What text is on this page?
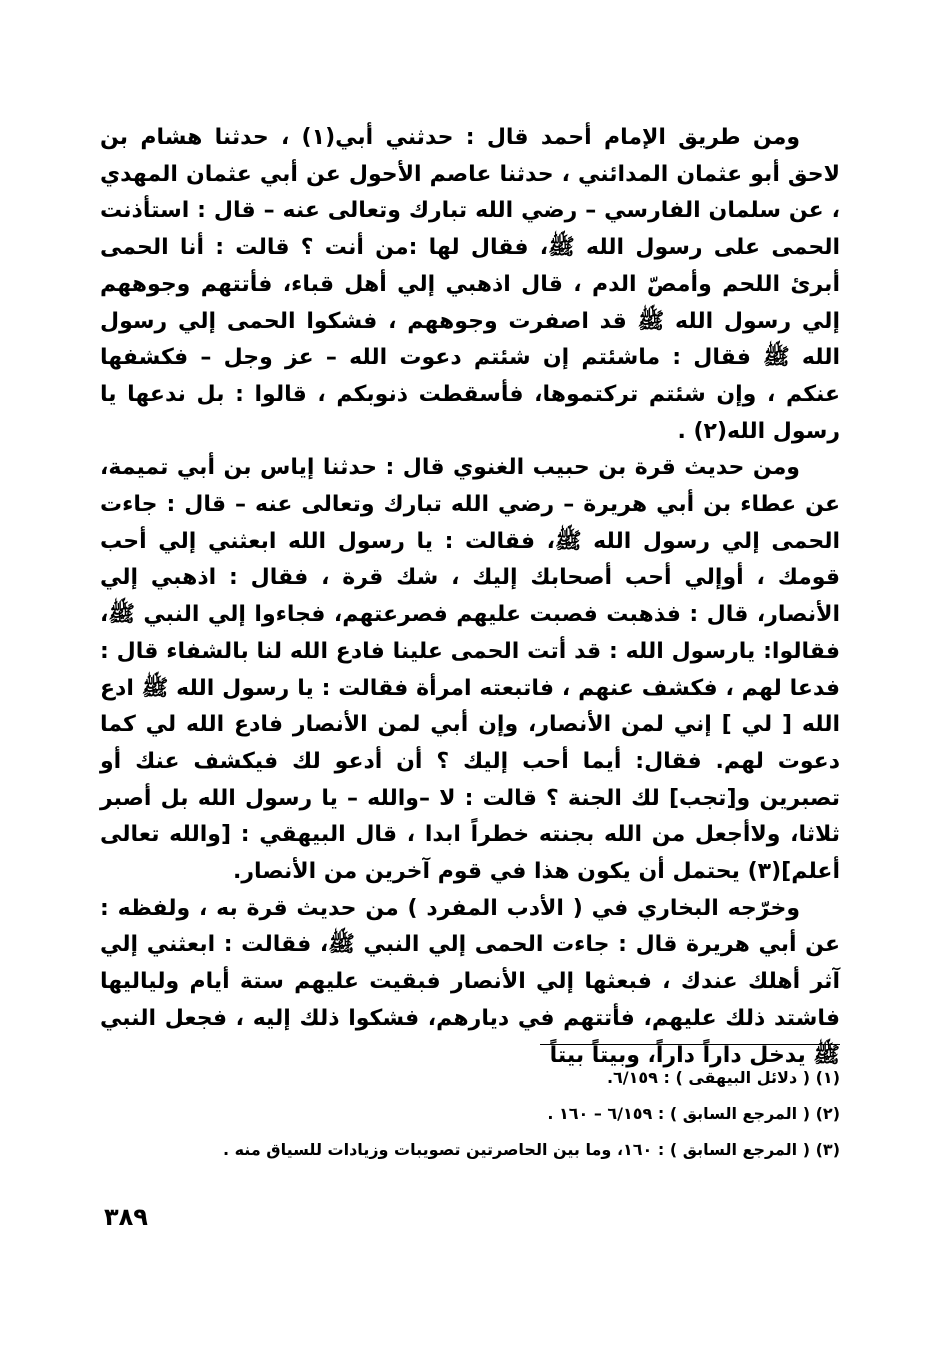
ومن طريق الإمام أحمد قال : حدثني أبي(١) ، حدثنا هشام بن لاحق أبو عثمان المدائني ، حدثنا عاصم الأحول عن أبي عثمان المهدي ، عن سلمان الفارسي – رضي الله تبارك وتعالى عنه – قال : استأذنت الحمى على رسول الله ﷺ، فقال لها :من أنت ؟ قالت : أنا الحمى أبرئ اللحم وأمصّ الدم ، قال اذهبي إلي أهل قباء، فأتتهم وجوههم إلي رسول الله ﷺ قد اصفرت وجوههم ، فشكوا الحمى إلي رسول الله ﷺ فقال : ماشئتم إن شئتم دعوت الله – عز وجل – فكشفها عنكم ، وإن شئتم تركتموها، فأسقطت ذنوبكم ، قالوا : بل ندعها يا رسول الله(٢) .

ومن حديث قرة بن حبيب الغنوي قال : حدثنا إياس بن أبي تميمة، عن عطاء بن أبي هريرة – رضي الله تبارك وتعالى عنه – قال : جاءت الحمى إلي رسول الله ﷺ، فقالت : يا رسول الله ابعثني إلي أحب قومك ، أوإلي أحب أصحابك إليك ، شك قرة ، فقال : اذهبي إلي الأنصار، قال : فذهبت فصبت عليهم فصرعتهم، فجاءوا إلي النبي ﷺ، فقالوا: يارسول الله : قد أتت الحمى علينا فادع الله لنا بالشفاء قال : فدعا لهم ، فكشف عنهم ، فاتبعته امرأة فقالت : يا رسول الله ﷺ ادع الله [ لي ] إني لمن الأنصار، وإن أبي لمن الأنصار فادع الله لي كما دعوت لهم. فقال: أيما أحب إليك ؟ أن أدعو لك فيكشف عنك أو تصبرين و[تجب] لك الجنة ؟ قالت : لا –والله – يا رسول الله بل أصبر ثلاثا، ولاأجعل من الله بجنته خطراً ابدا ، قال البيهقي : [والله تعالى أعلم](٣) يحتمل أن يكون هذا في قوم آخرين من الأنصار.

وخرّجه البخاري في ( الأدب المفرد ) من حديث قرة به ، ولفظه : عن أبي هريرة قال : جاءت الحمى إلي النبي ﷺ، فقالت : ابعثني إلي آثر أهلك عندك ، فبعثها إلي الأنصار فبقيت عليهم ستة أيام ولياليها فاشتد ذلك عليهم، فأتتهم في ديارهم، فشكوا ذلك إليه ، فجعل النبي ﷺ يدخل داراً داراً، وبيتاً بيتاً

(١) ( دلائل البيهقى ) : ٦/١٥٩.

(٢) ( المرجع السابق ) : ٦/١٥٩ – ١٦٠ .

(٣) ( المرجع السابق ) : ١٦٠، وما بين الحاصرتين تصويبات وزيادات للسياق منه .

٣٨٩
